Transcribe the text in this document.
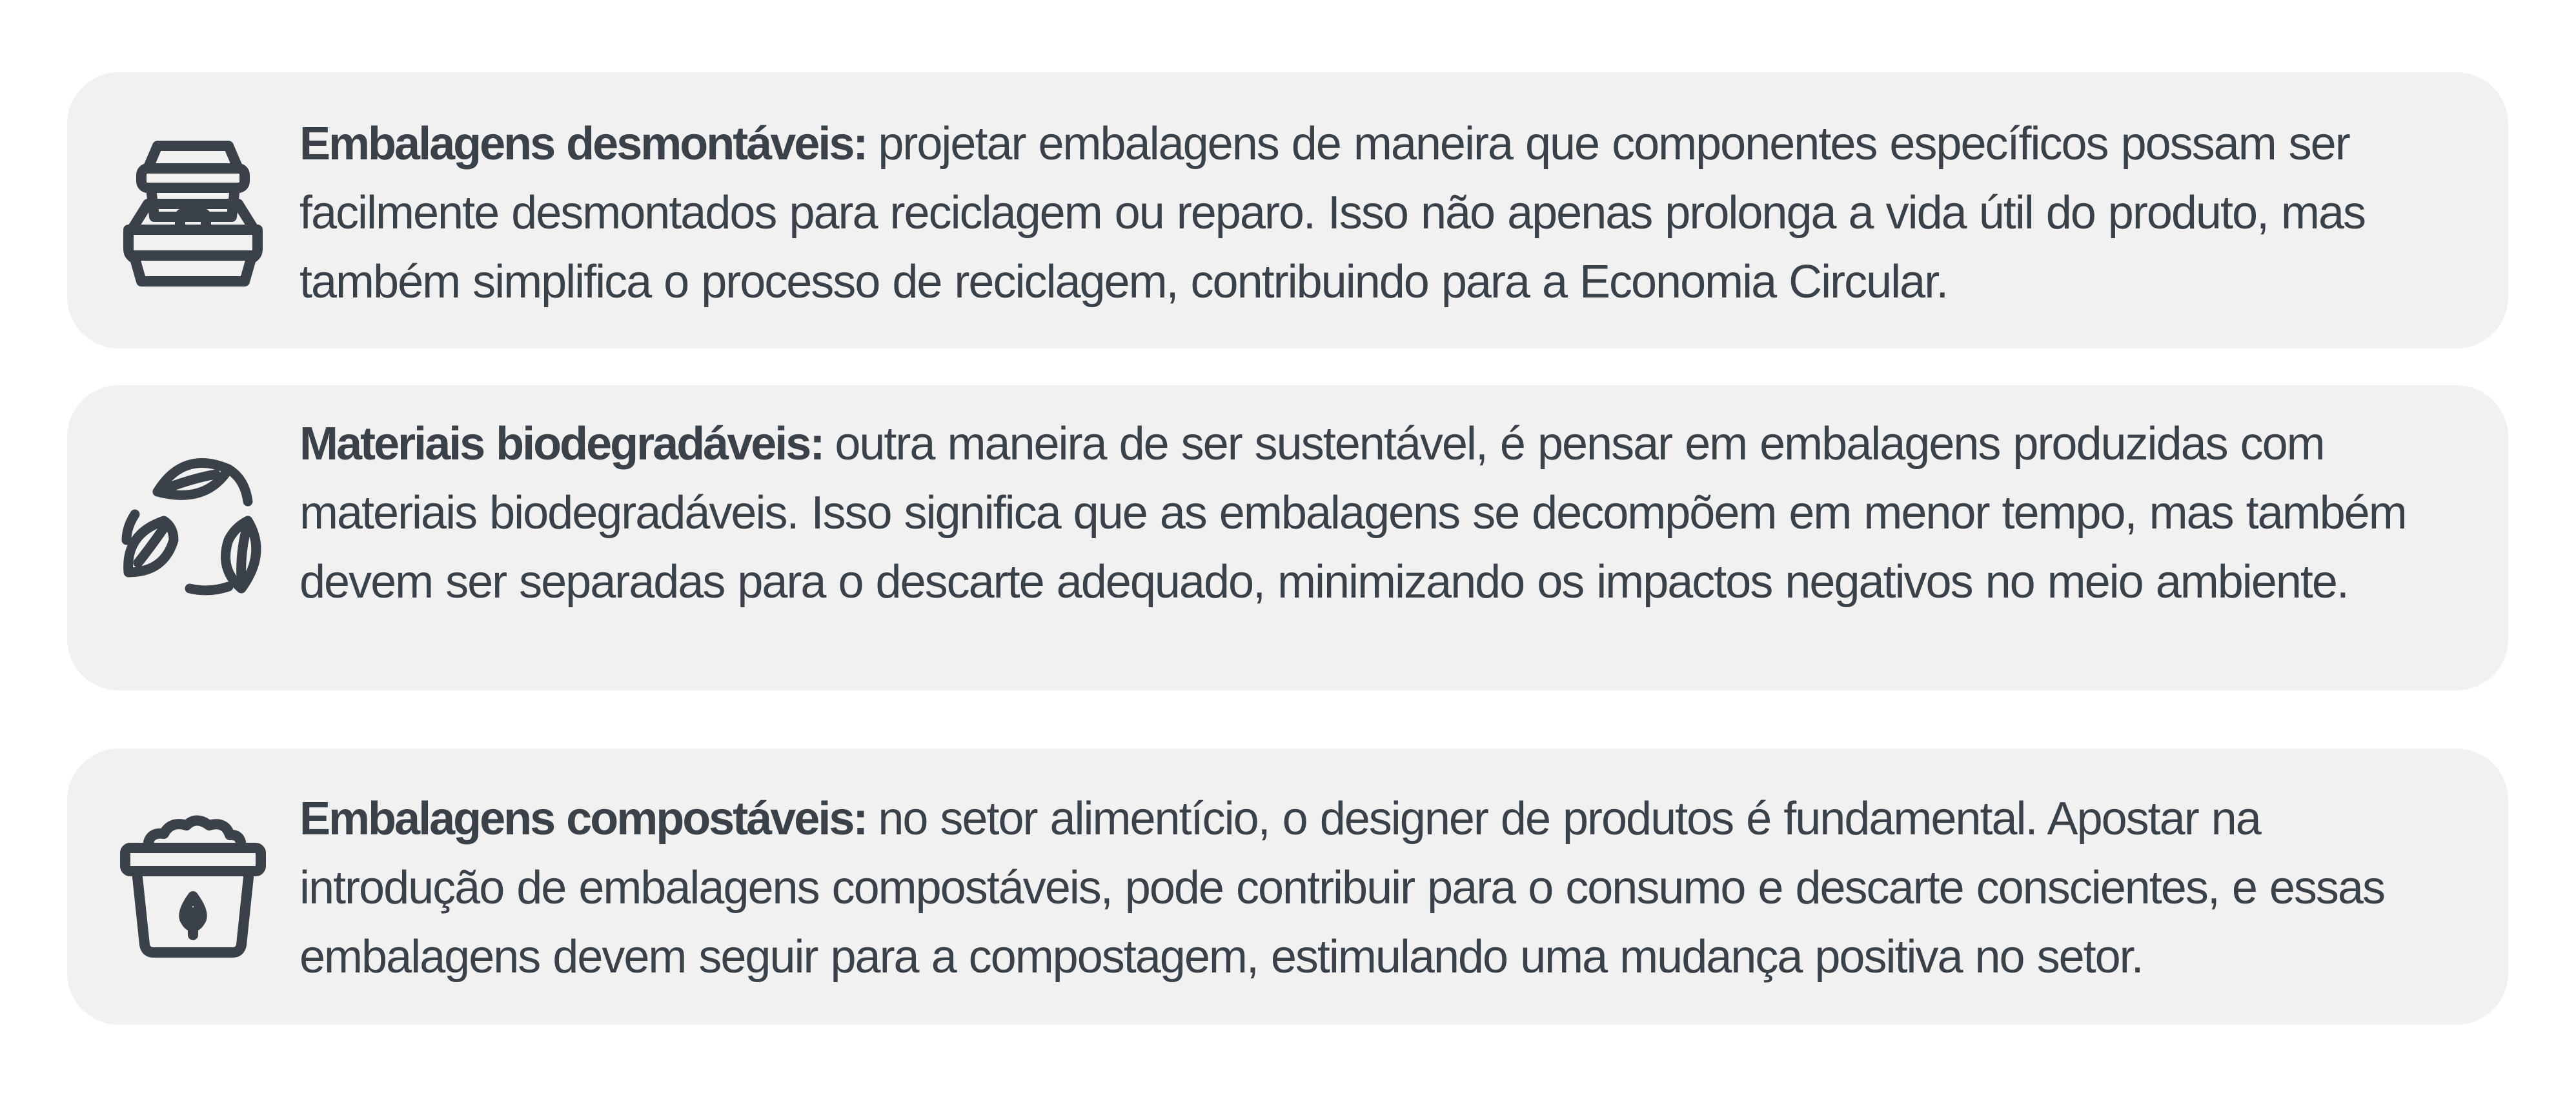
Embalagens desmontáveis: projetar embalagens de maneira que componentes específicos possam ser facilmente desmontados para reciclagem ou reparo. Isso não apenas prolonga a vida útil do produto, mas também simplifica o processo de reciclagem, contribuindo para a Economia Circular.
Materiais biodegradáveis: outra maneira de ser sustentável, é pensar em embalagens produzidas com materiais biodegradáveis. Isso significa que as embalagens se decompõem em menor tempo, mas também devem ser separadas para o descarte adequado, minimizando os impactos negativos no meio ambiente.
Embalagens compostáveis: no setor alimentício, o designer de produtos é fundamental. Apostar na introdução de embalagens compostáveis, pode contribuir para o consumo e descarte conscientes, e essas embalagens devem seguir para a compostagem, estimulando uma mudança positiva no setor.
